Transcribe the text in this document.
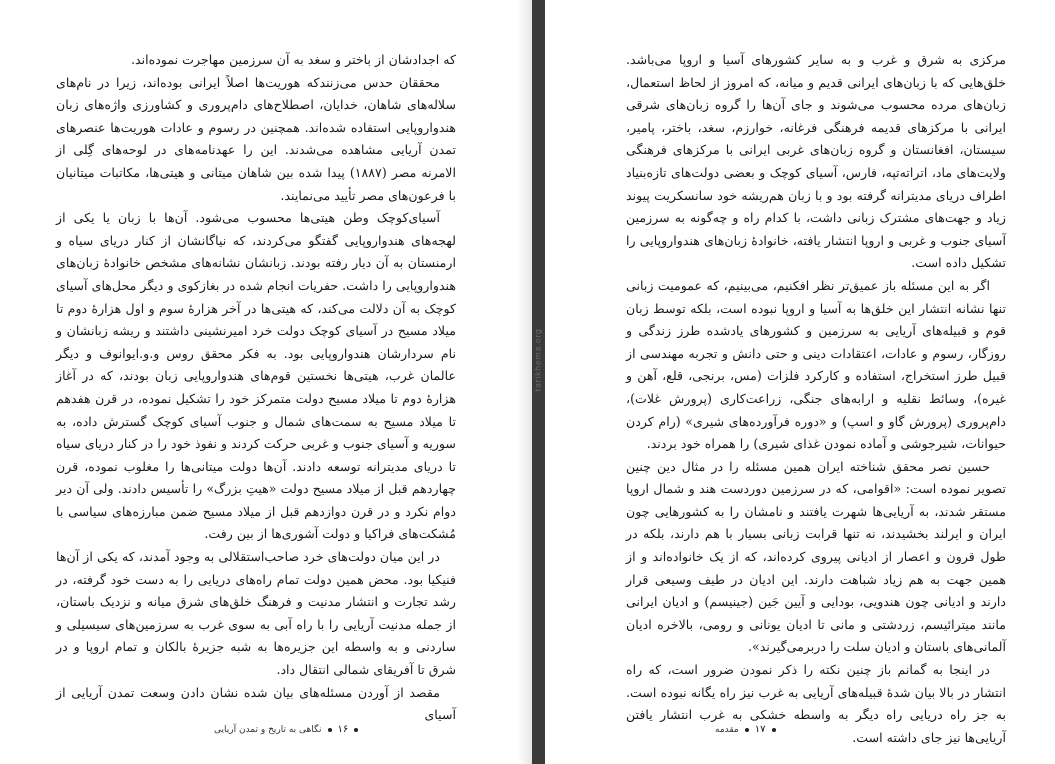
که اجدادشان از باختر و سغد به آن سرزمین مهاجرت نموده‌اند.

محققان حدس می‌زنندکه هوریت‌ها اصلاً ایرانی بوده‌اند، زیرا در نام‌های سلاله‌های شاهان، خدایان، اصطلاح‌های دام‌پروری و کشاورزی واژه‌های زبان هندواروپایی استفاده شده‌اند. همچنین در رسوم و عادات هوریت‌ها عنصرهای تمدن آریایی مشاهده می‌شدند. این را عهدنامه‌های در لوحه‌های گِلی از الامرنه مصر (۱۸۸۷) پیدا شده بین شاهان میتانی و هیتی‌ها، مکاتبات میتانیان با فرعون‌های مصر تأیید می‌نمایند.

آسیای‌کوچک وطن هیتی‌ها محسوب می‌شود. آن‌ها با زبان یا یکی از لهجه‌های هندواروپایی گفتگو می‌کردند، که نیاگانشان از کنار دریای سیاه و ارمنستان به آن دیار رفته بودند. زبانشان نشانه‌های مشخص خانوادهٔ زبان‌های هندواروپایی را داشت. حفریات انجام شده در بغازکوی و دیگر محل‌های آسیای کوچک به آن دلالت می‌کند، که هیتی‌ها در آخر هزارهٔ سوم و اول هزارهٔ دوم تا میلاد مسیح در آسیای کوچک دولت خرد امیرنشینی داشتند و ریشه زبانشان و نام سردارشان هندواروپایی بود. به فکر محقق روس و.و.ایوانوف و دیگر عالمان غرب، هیتی‌ها نخستین قوم‌های هندواروپایی زبان بودند، که در آغاز هزارهٔ دوم تا میلاد مسیح دولت متمرکز خود را تشکیل نموده، در قرن هفدهم تا میلاد مسیح به سمت‌های شمال و جنوب آسیای کوچک گسترش داده، به سوریه و آسیای جنوب و غربی حرکت کردند و نفوذ خود را در کنار دریای سیاه تا دریای مدیترانه توسعه دادند. آن‌ها دولت میتانی‌ها را مغلوب نموده، قرن چهاردهم قبل از میلاد مسیح دولت «هیتِ بزرگ» را تأسیس دادند. ولی آن دیر دوام نکرد و در قرن دوازدهم قبل از میلاد مسیح ضمن مبارزه‌های سیاسی با مُشکت‌های فراکیا و دولت آشوری‌ها از بین رفت.

در این میان دولت‌های خرد صاحب‌استقلالی به وجود آمدند، که یکی از آن‌ها فنیکیا بود. محض همین دولت تمام راه‌های دریایی را به دست خود گرفته، در رشد تجارت و انتشار مدنیت و فرهنگ خلق‌های شرق میانه و نزدیک باستان، از جمله مدنیت آریایی را با راه آبی به سوی غرب به سرزمین‌های سیسیلی و ساردنی و به واسطه این جزیره‌ها به شبه جزیرهٔ بالکان و تمام اروپا و در شرق تا آفریقای شمالی انتقال داد.

مقصد از آوردن مسئله‌های بیان شده نشان دادن وسعت تمدن آریایی از آسیای

۱۶نگاهی به تاریخ و تمدن آریایی
tarikhema.org

مرکزی به شرق و غرب و به سایر کشورهای آسیا و اروپا می‌باشد. خلق‌هایی که با زبان‌های ایرانی قدیم و میانه، که امروز از لحاظ استعمال، زبان‌های مرده محسوب می‌شوند و جای آن‌ها را گروه زبان‌های شرقی ایرانی با مرکزهای قدیمه فرهنگی فرغانه، خوارزم، سغد، باختر، پامیر، سیستان، افغانستان و گروه زبان‌های غربی ایرانی با مرکزهای فرهنگی ولایت‌های ماد، اتراته‌تپه، فارس، آسیای کوچک و بعضی دولت‌های تازه‌بنیاد اطراف دریای مدیترانه گرفته بود و با زبان هم‌ریشه خود سانسکریت پیوند زیاد و جهت‌های مشترک زبانی داشت، با کدام راه و چه‌گونه به سرزمین آسیای جنوب و غربی و اروپا انتشار یافته، خانوادهٔ زبان‌های هندواروپایی را تشکیل داده است.

اگر به این مسئله باز عمیق‌تر نظر افکنیم، می‌بینیم، که عمومیت زبانی تنها نشانه انتشار این خلق‌ها به آسیا و اروپا نبوده است، بلکه توسط زبان قوم و قبیله‌های آریایی به سرزمین و کشورهای یادشده طرز زندگی و روزگار، رسوم و عادات، اعتقادات دینی و حتی دانش و تجربه مهندسی از قبیل طرز استخراج، استفاده و کارکرد فلزات (مس، برنجی، قلع، آهن و غیره)، وسائط نقلیه و ارابه‌های جنگی، زراعت‌کاری (پرورش غلات)، دام‌پروری (پرورش گاو و اسپ) و «دوره فرآورده‌های شیری» (رام کردن حیوانات، شیرجوشی و آماده نمودن غذای شیری) را همراه خود بردند.

حسین نصر محقق شناخته ایران همین مسئله را در مثال دین چنین تصویر نموده است: «اقوامی، که در سرزمین دوردست هند و شمال اروپا مستقر شدند، به آریایی‌ها شهرت یافتند و نامشان را به کشورهایی چون ایران و ایرلند بخشیدند، نه تنها قرابت زبانی بسیار با هم دارند، بلکه در طول قرون و اعصار از ادیانی پیروی کرده‌اند، که از یک خانواده‌اند و از همین جهت به هم زیاد شباهت دارند. این ادیان در طیف وسیعی قرار دارند و ادیانی چون هندویی، بودایی و آیین جَین (جینیسم) و ادیان ایرانی مانند میترائیسم، زردشتی و مانی تا ادیان یونانی و رومی، بالاخره ادیان آلمانی‌های باستان و ادیان سلت را دربرمی‌گیرند».

در اینجا به گمانم باز چنین نکته را ذکر نمودن ضرور است، که راه انتشار در بالا بیان شدهٔ قبیله‌های آریایی به غرب نیز راه یگانه نبوده است. به جز راه دریایی راه دیگر به واسطه خشکی به غرب انتشار یافتن آریایی‌ها نیز جای داشته است.

۱۷مقدمه
